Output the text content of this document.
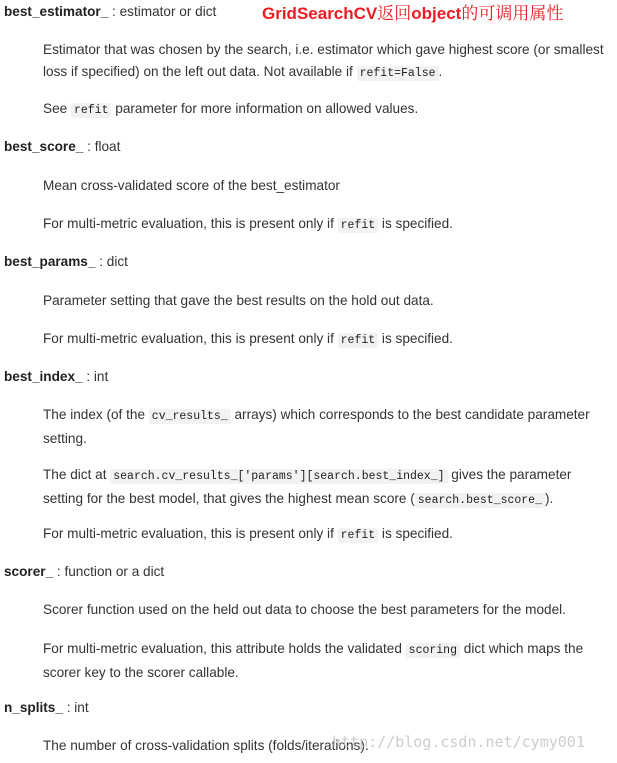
GridSearchCV返回object的可调用属性
best_estimator_ : estimator or dict
Estimator that was chosen by the search, i.e. estimator which gave highest score (or smallest loss if specified) on the left out data. Not available if refit=False .
See refit parameter for more information on allowed values.
best_score_ : float
Mean cross-validated score of the best_estimator
For multi-metric evaluation, this is present only if refit is specified.
best_params_ : dict
Parameter setting that gave the best results on the hold out data.
For multi-metric evaluation, this is present only if refit is specified.
best_index_ : int
The index (of the cv_results_ arrays) which corresponds to the best candidate parameter setting.
The dict at search.cv_results_['params'][search.best_index_] gives the parameter setting for the best model, that gives the highest mean score ( search.best_score_ ).
For multi-metric evaluation, this is present only if refit is specified.
scorer_ : function or a dict
Scorer function used on the held out data to choose the best parameters for the model.
For multi-metric evaluation, this attribute holds the validated scoring dict which maps the scorer key to the scorer callable.
n_splits_ : int
The number of cross-validation splits (folds/iterations).
http://blog.csdn.net/cymy001
